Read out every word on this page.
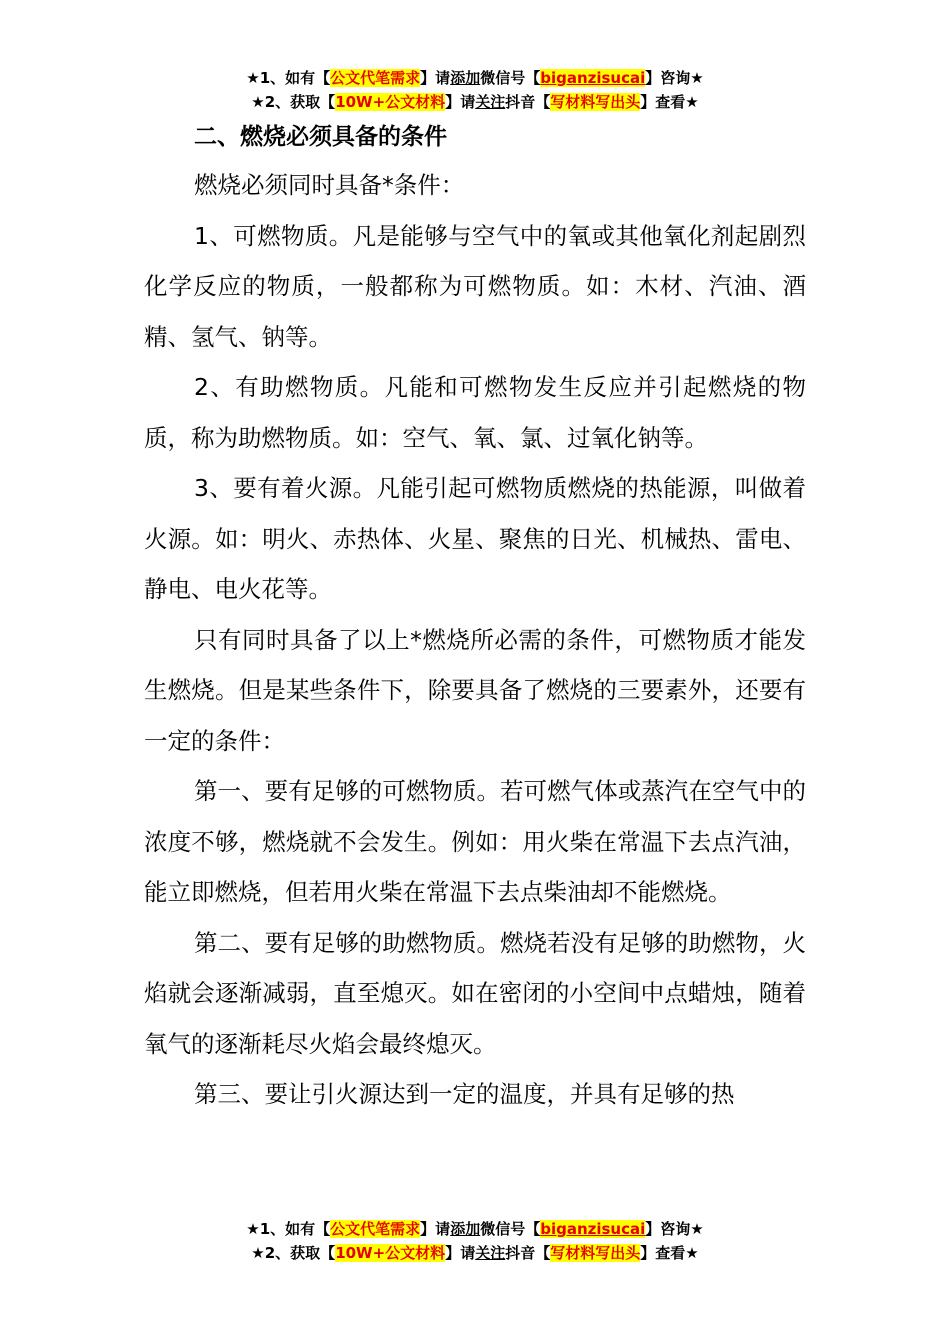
★1、如有【公文代笔需求】请添加微信号【biganzisucai】咨询★
★2、获取【10W+公文材料】请关注抖音【写材料写出头】查看★
二、燃烧必须具备的条件

燃烧必须同时具备*条件：

1、可燃物质。凡是能够与空气中的氧或其他氧化剂起剧烈化学反应的物质，一般都称为可燃物质。如：木材、汽油、酒精、氢气、钠等。

2、有助燃物质。凡能和可燃物发生反应并引起燃烧的物质，称为助燃物质。如：空气、氧、氯、过氧化钠等。

3、要有着火源。凡能引起可燃物质燃烧的热能源，叫做着火源。如：明火、赤热体、火星、聚焦的日光、机械热、雷电、静电、电火花等。

只有同时具备了以上*燃烧所必需的条件，可燃物质才能发生燃烧。但是某些条件下，除要具备了燃烧的三要素外，还要有一定的条件：

第一、要有足够的可燃物质。若可燃气体或蒸汽在空气中的浓度不够，燃烧就不会发生。例如：用火柴在常温下去点汽油，能立即燃烧，但若用火柴在常温下去点柴油却不能燃烧。

第二、要有足够的助燃物质。燃烧若没有足够的助燃物，火焰就会逐渐减弱，直至熄灭。如在密闭的小空间中点蜡烛，随着氧气的逐渐耗尽火焰会最终熄灭。

第三、要让引火源达到一定的温度，并具有足够的热

★1、如有【公文代笔需求】请添加微信号【biganzisucai】咨询★
★2、获取【10W+公文材料】请关注抖音【写材料写出头】查看★
